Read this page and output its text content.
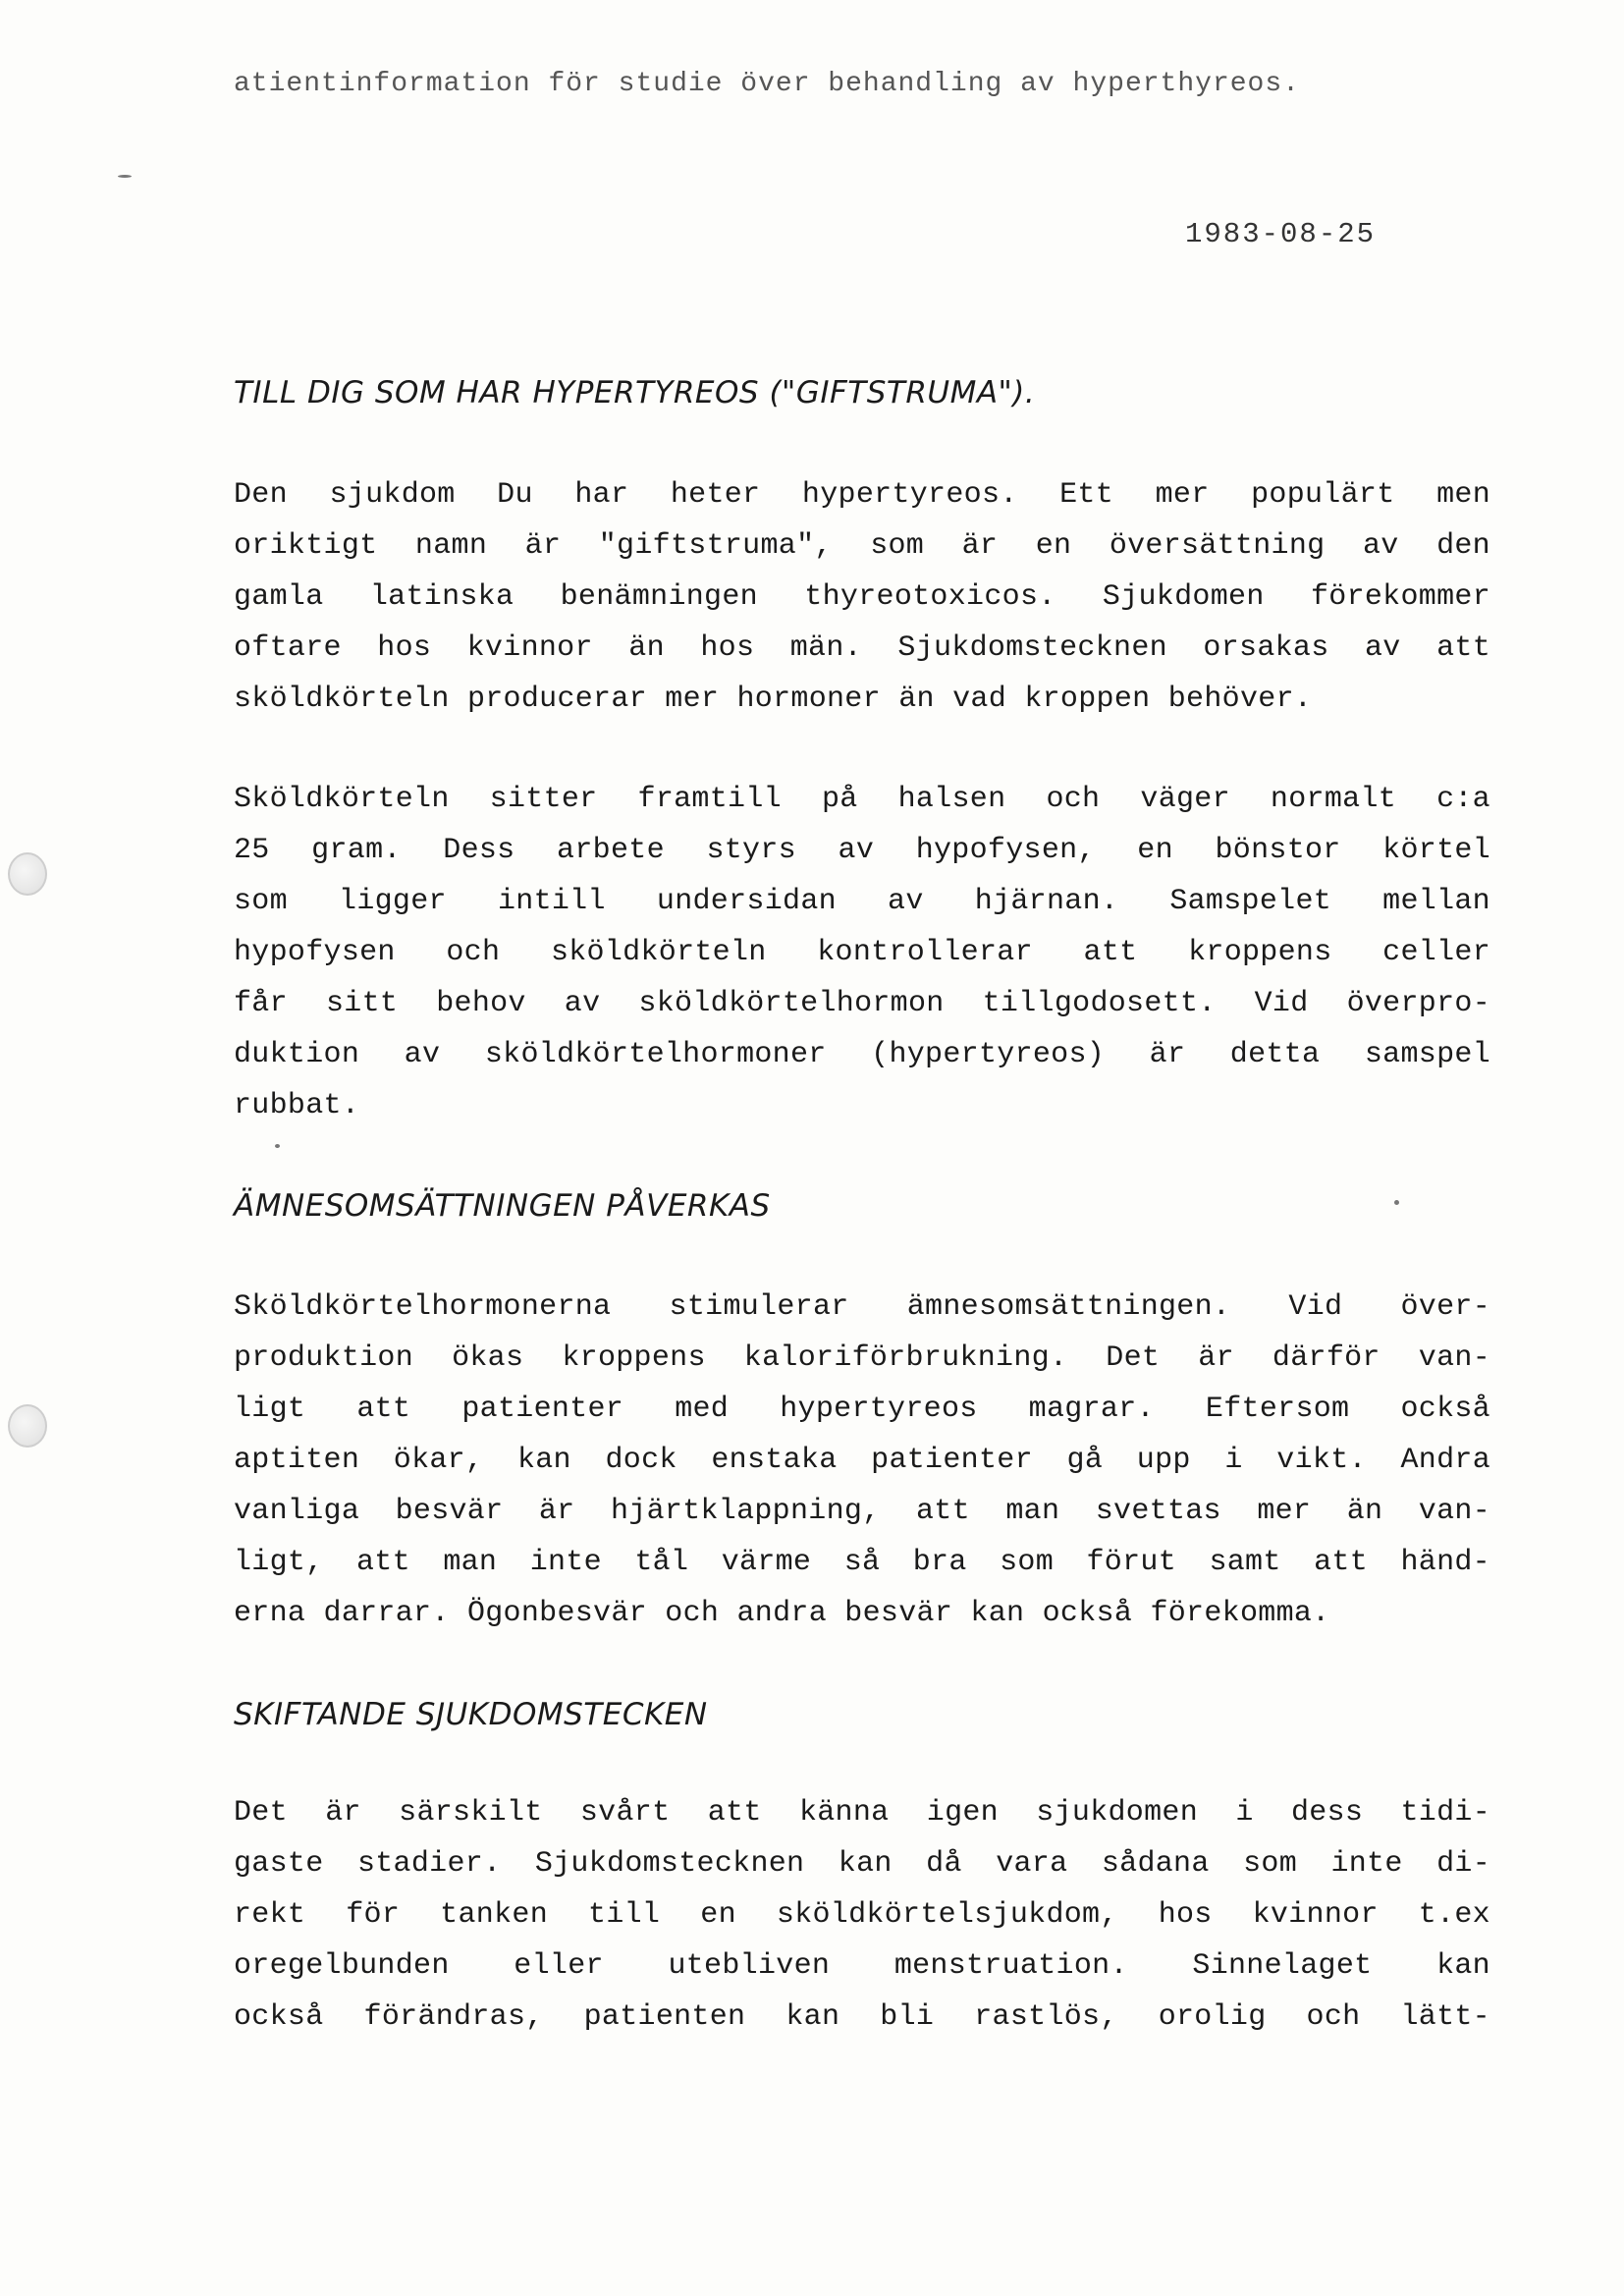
atientinformation för studie över behandling av hyperthyreos.
1983-08-25
TILL DIG SOM HAR HYPERTYREOS ("GIFTSTRUMA").
Den sjukdom Du har heter hypertyreos. Ett mer populärt men
oriktigt namn är "giftstruma", som är en översättning av den
gamla latinska benämningen thyreotoxicos. Sjukdomen förekommer
oftare hos kvinnor än hos män. Sjukdomstecknen orsakas av att
sköldkörteln producerar mer hormoner än vad kroppen behöver.
Sköldkörteln sitter framtill på halsen och väger normalt c:a
25 gram. Dess arbete styrs av hypofysen, en bönstor körtel
som ligger intill undersidan av hjärnan. Samspelet mellan
hypofysen och sköldkörteln kontrollerar att kroppens celler
får sitt behov av sköldkörtelhormon tillgodosett. Vid överpro-
duktion av sköldkörtelhormoner (hypertyreos) är detta samspel
rubbat.
ÄMNESOMSÄTTNINGEN PÅVERKAS
Sköldkörtelhormonerna stimulerar ämnesomsättningen. Vid över-
produktion ökas kroppens kaloriförbrukning. Det är därför van-
ligt att patienter med hypertyreos magrar. Eftersom också
aptiten ökar, kan dock enstaka patienter gå upp i vikt. Andra
vanliga besvär är hjärtklappning, att man svettas mer än van-
ligt, att man inte tål värme så bra som förut samt att händ-
erna darrar. Ögonbesvär och andra besvär kan också förekomma.
SKIFTANDE SJUKDOMSTECKEN
Det är särskilt svårt att känna igen sjukdomen i dess tidi-
gaste stadier. Sjukdomstecknen kan då vara sådana som inte di-
rekt för tanken till en sköldkörtelsjukdom, hos kvinnor t.ex
oregelbunden eller utebliven menstruation. Sinnelaget kan
också förändras, patienten kan bli rastlös, orolig och lätt-
